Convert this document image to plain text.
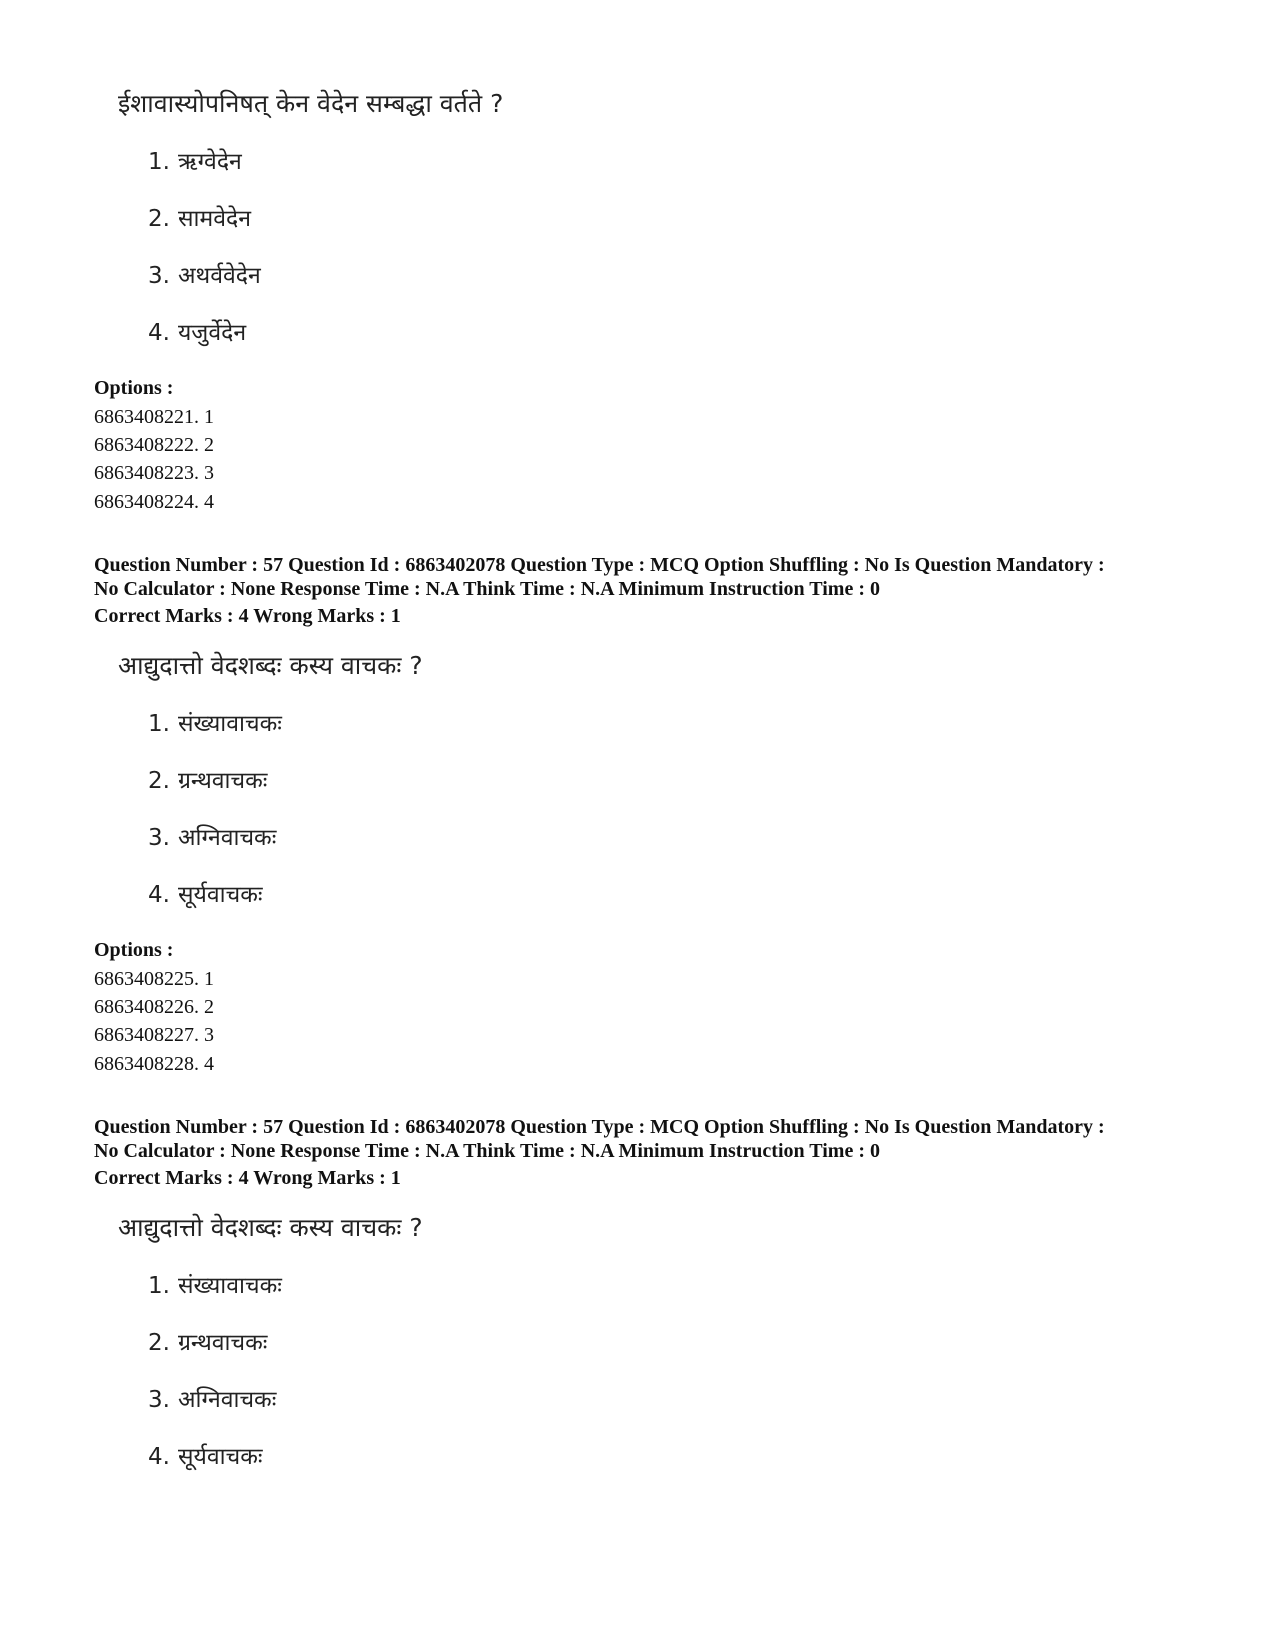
ईशावास्योपनिषत् केन वेदेन सम्बद्धा वर्तते ?
1. ऋग्वेदेन
2. सामवेदेन
3. अथर्ववेदेन
4. यजुर्वेदेन
Options :
6863408221. 1
6863408222. 2
6863408223. 3
6863408224. 4
Question Number : 57 Question Id : 6863402078 Question Type : MCQ Option Shuffling : No Is Question Mandatory :
No Calculator : None Response Time : N.A Think Time : N.A Minimum Instruction Time : 0
Correct Marks : 4 Wrong Marks : 1
आद्युदात्तो वेदशब्दः कस्य वाचकः ?
1. संख्यावाचकः
2. ग्रन्थवाचकः
3. अग्निवाचकः
4. सूर्यवाचकः
Options :
6863408225. 1
6863408226. 2
6863408227. 3
6863408228. 4
Question Number : 57 Question Id : 6863402078 Question Type : MCQ Option Shuffling : No Is Question Mandatory :
No Calculator : None Response Time : N.A Think Time : N.A Minimum Instruction Time : 0
Correct Marks : 4 Wrong Marks : 1
आद्युदात्तो वेदशब्दः कस्य वाचकः ?
1. संख्यावाचकः
2. ग्रन्थवाचकः
3. अग्निवाचकः
4. सूर्यवाचकः
